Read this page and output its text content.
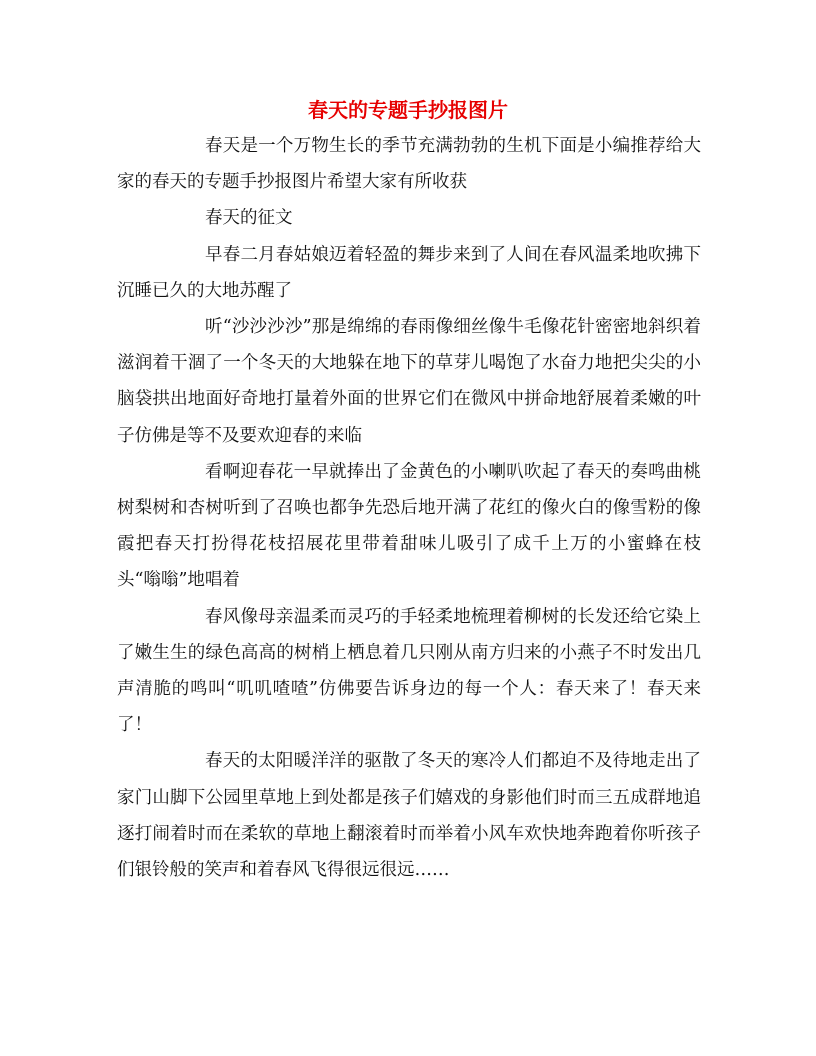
春天的专题手抄报图片

春天是一个万物生长的季节充满勃勃的生机下面是小编推荐给大家的春天的专题手抄报图片希望大家有所收获

春天的征文

早春二月春姑娘迈着轻盈的舞步来到了人间在春风温柔地吹拂下沉睡已久的大地苏醒了

听“沙沙沙沙”那是绵绵的春雨像细丝像牛毛像花针密密地斜织着滋润着干涸了一个冬天的大地躲在地下的草芽儿喝饱了水奋力地把尖尖的小脑袋拱出地面好奇地打量着外面的世界它们在微风中拼命地舒展着柔嫩的叶子仿佛是等不及要欢迎春的来临

看啊迎春花一早就捧出了金黄色的小喇叭吹起了春天的奏鸣曲桃树梨树和杏树听到了召唤也都争先恐后地开满了花红的像火白的像雪粉的像霞把春天打扮得花枝招展花里带着甜味儿吸引了成千上万的小蜜蜂在枝头“嗡嗡”地唱着

春风像母亲温柔而灵巧的手轻柔地梳理着柳树的长发还给它染上了嫩生生的绿色高高的树梢上栖息着几只刚从南方归来的小燕子不时发出几声清脆的鸣叫“叽叽喳喳”仿佛要告诉身边的每一个人：春天来了！春天来了！

春天的太阳暖洋洋的驱散了冬天的寒冷人们都迫不及待地走出了家门山脚下公园里草地上到处都是孩子们嬉戏的身影他们时而三五成群地追逐打闹着时而在柔软的草地上翻滚着时而举着小风车欢快地奔跑着你听孩子们银铃般的笑声和着春风飞得很远很远……
